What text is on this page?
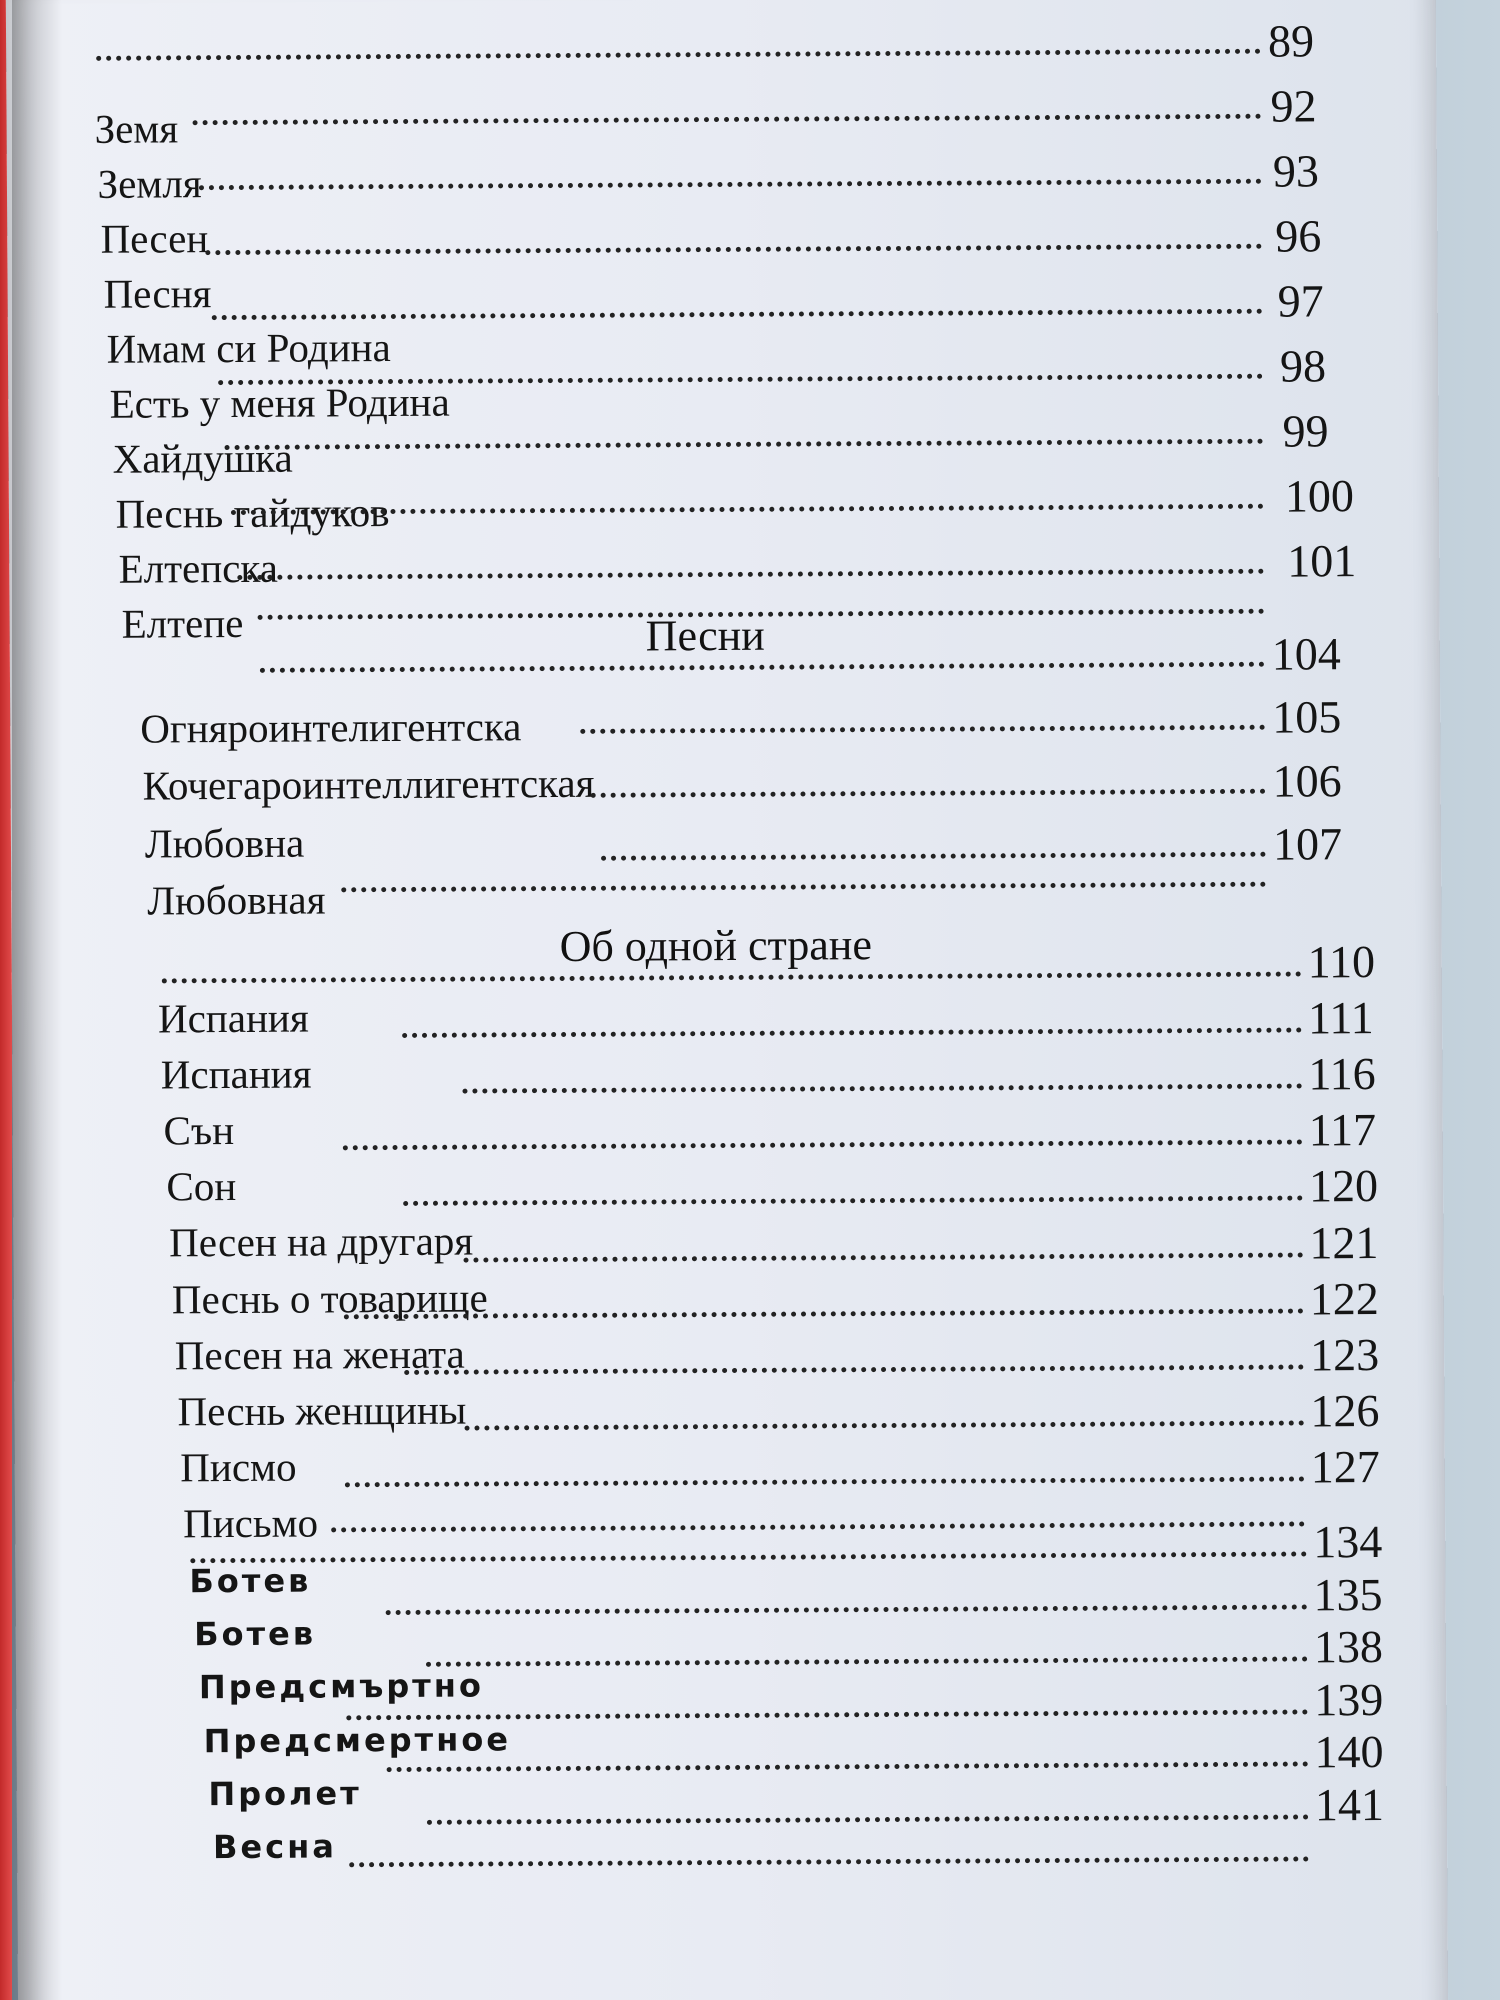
Земя
Земля
Песен
Песня
Имам си Родина
Есть у меня Родина
Хайдушка
Песнь гайдуков
Елтепска
Елтепе
89
92
93
96
97
98
99
100
101
Песни
Огняроинтелигентска
Кочегароинтеллигентская
Любовна
Любовная
104
105
106
107
Об одной стране
Испания
Испания
Сън
Сон
Песен на другаря
Песнь о товарище
Песен на жената
Песнь женщины
Писмо
Письмо
110
111
116
117
120
121
122
123
126
127
Ботев
Ботев
Предсмъртно
Предсмертное
Пролет
Весна
134
135
138
139
140
141
